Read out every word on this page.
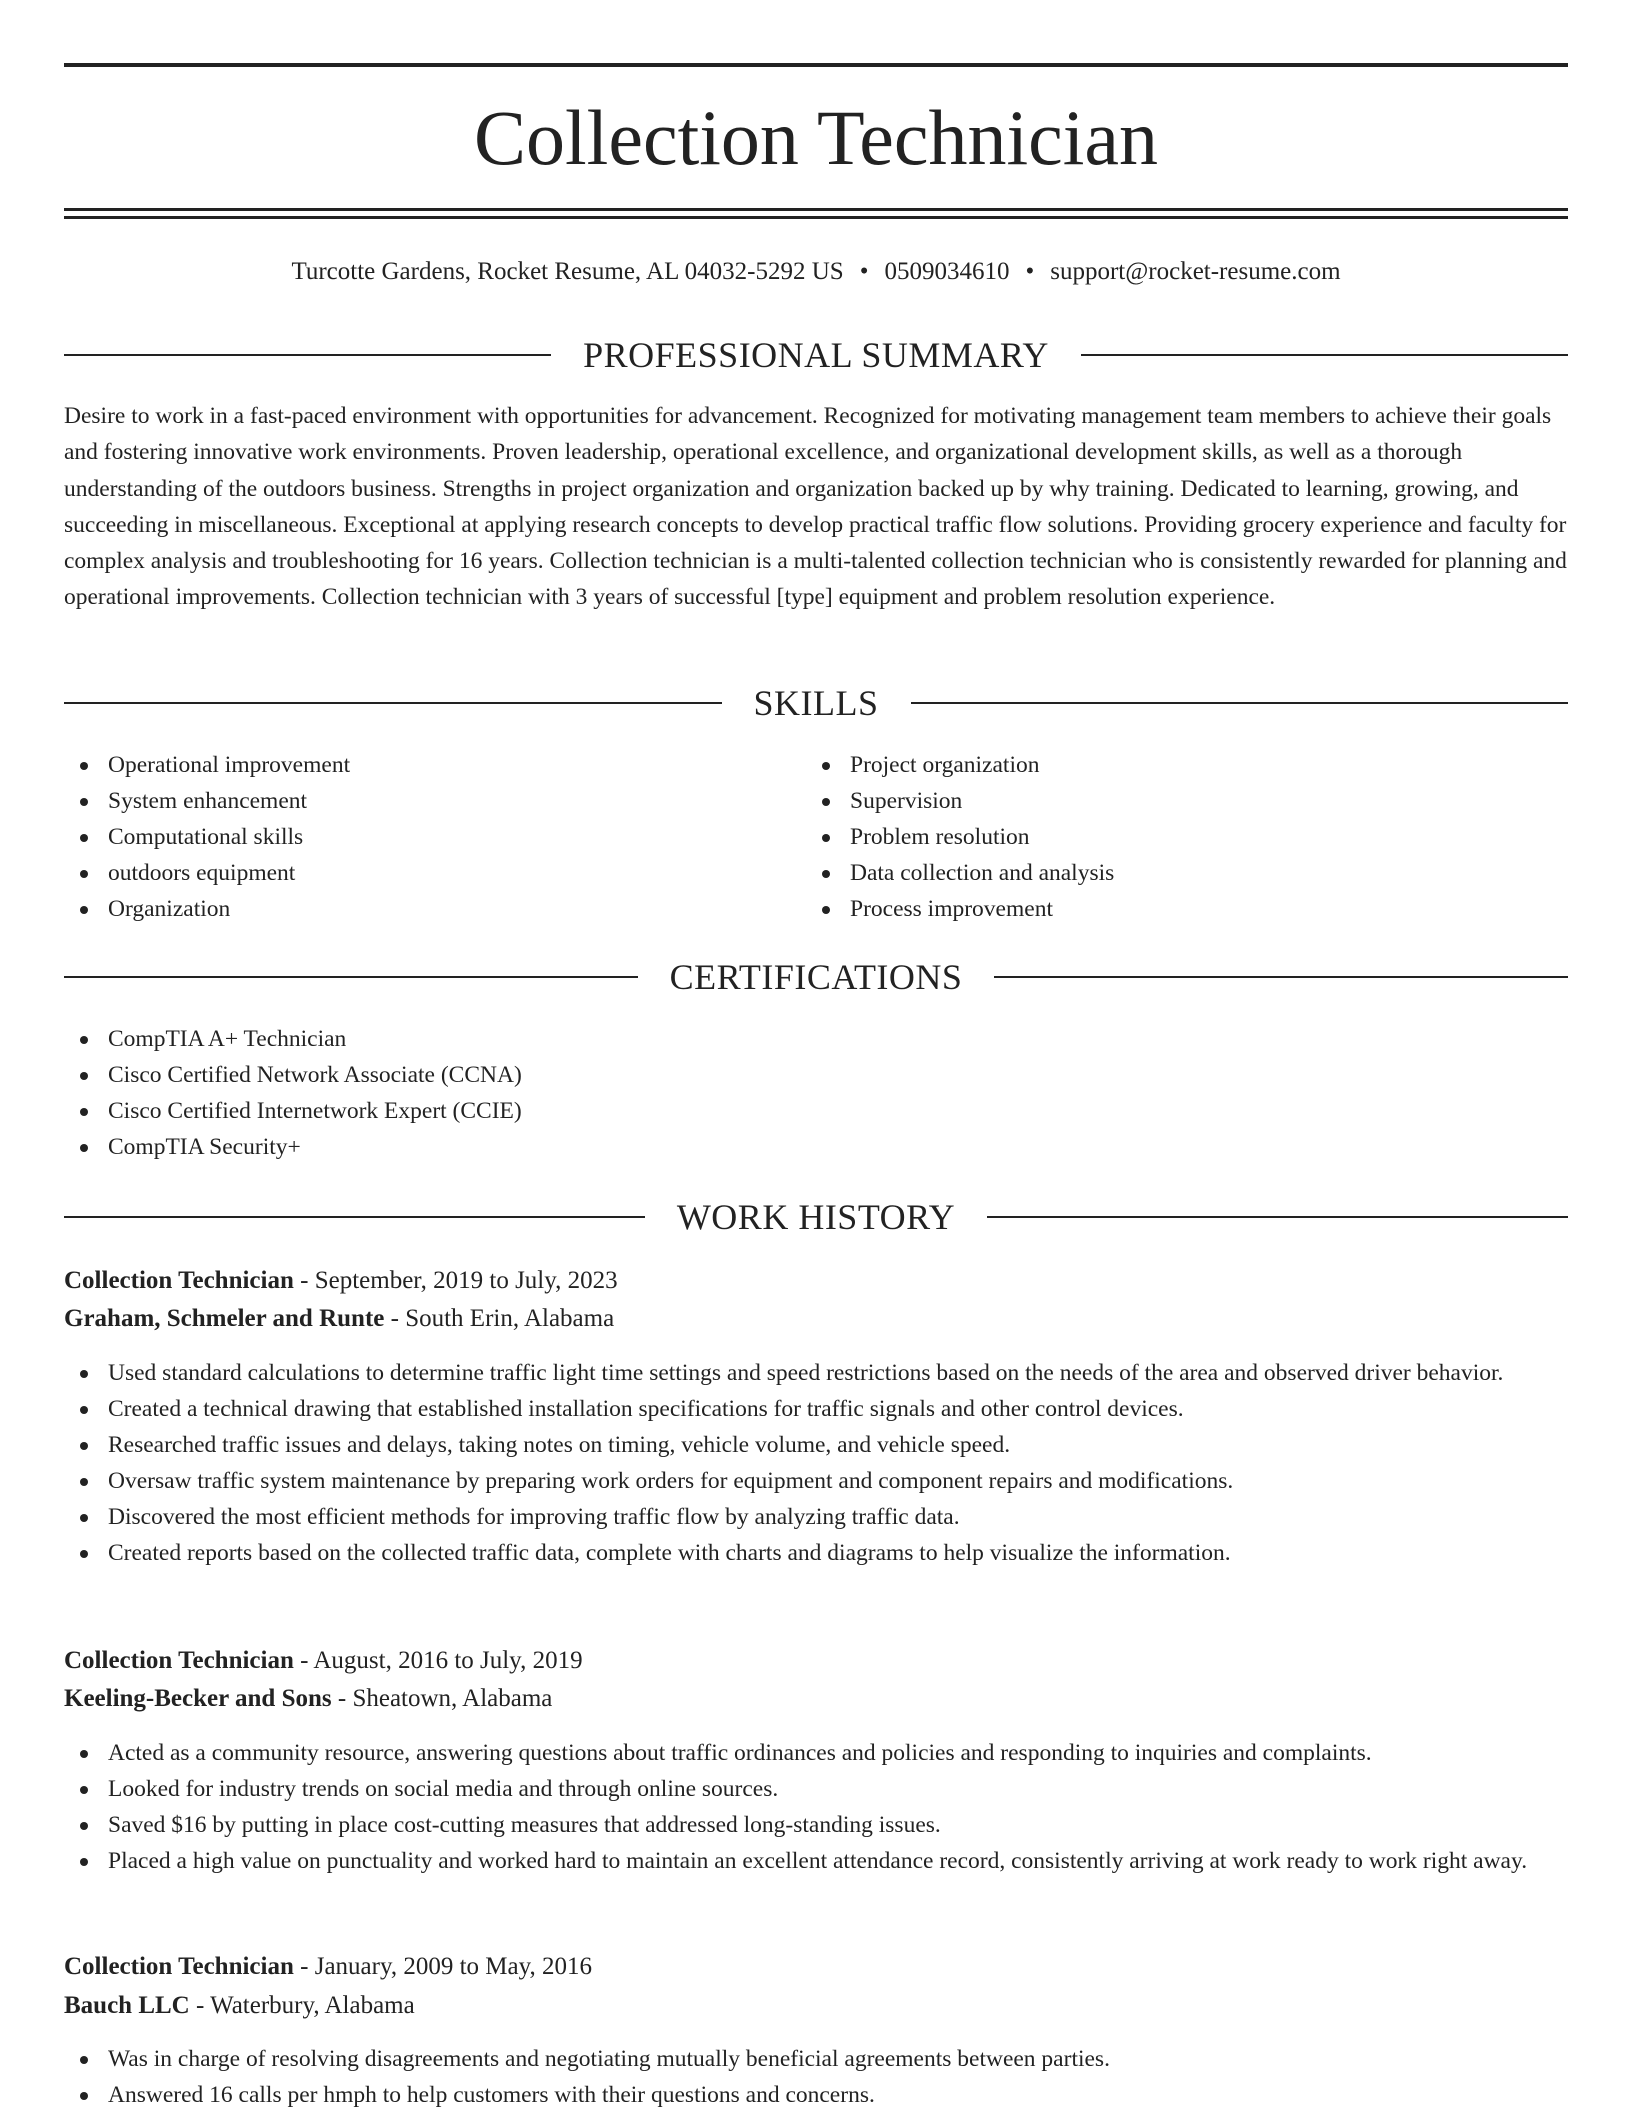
Collection Technician
Turcotte Gardens, Rocket Resume, AL 04032-5292 US • 0509034610 • support@rocket-resume.com
PROFESSIONAL SUMMARY

Desire to work in a fast-paced environment with opportunities for advancement. Recognized for motivating management team members to achieve their goals and fostering innovative work environments. Proven leadership, operational excellence, and organizational development skills, as well as a thorough understanding of the outdoors business. Strengths in project organization and organization backed up by why training. Dedicated to learning, growing, and succeeding in miscellaneous. Exceptional at applying research concepts to develop practical traffic flow solutions. Providing grocery experience and faculty for complex analysis and troubleshooting for 16 years. Collection technician is a multi-talented collection technician who is consistently rewarded for planning and operational improvements. Collection technician with 3 years of successful [type] equipment and problem resolution experience.

SKILLS
Operational improvement
System enhancement
Computational skills
outdoors equipment
Organization
Project organization
Supervision
Problem resolution
Data collection and analysis
Process improvement
CERTIFICATIONS
CompTIA A+ Technician
Cisco Certified Network Associate (CCNA)
Cisco Certified Internetwork Expert (CCIE)
CompTIA Security+
WORK HISTORY
Collection Technician - September, 2019 to July, 2023
Graham, Schmeler and Runte - South Erin, Alabama
Used standard calculations to determine traffic light time settings and speed restrictions based on the needs of the area and observed driver behavior.
Created a technical drawing that established installation specifications for traffic signals and other control devices.
Researched traffic issues and delays, taking notes on timing, vehicle volume, and vehicle speed.
Oversaw traffic system maintenance by preparing work orders for equipment and component repairs and modifications.
Discovered the most efficient methods for improving traffic flow by analyzing traffic data.
Created reports based on the collected traffic data, complete with charts and diagrams to help visualize the information.
Collection Technician - August, 2016 to July, 2019
Keeling-Becker and Sons - Sheatown, Alabama
Acted as a community resource, answering questions about traffic ordinances and policies and responding to inquiries and complaints.
Looked for industry trends on social media and through online sources.
Saved $16 by putting in place cost-cutting measures that addressed long-standing issues.
Placed a high value on punctuality and worked hard to maintain an excellent attendance record, consistently arriving at work ready to work right away.
Collection Technician - January, 2009 to May, 2016
Bauch LLC - Waterbury, Alabama
Was in charge of resolving disagreements and negotiating mutually beneficial agreements between parties.
Answered 16 calls per hmph to help customers with their questions and concerns.
